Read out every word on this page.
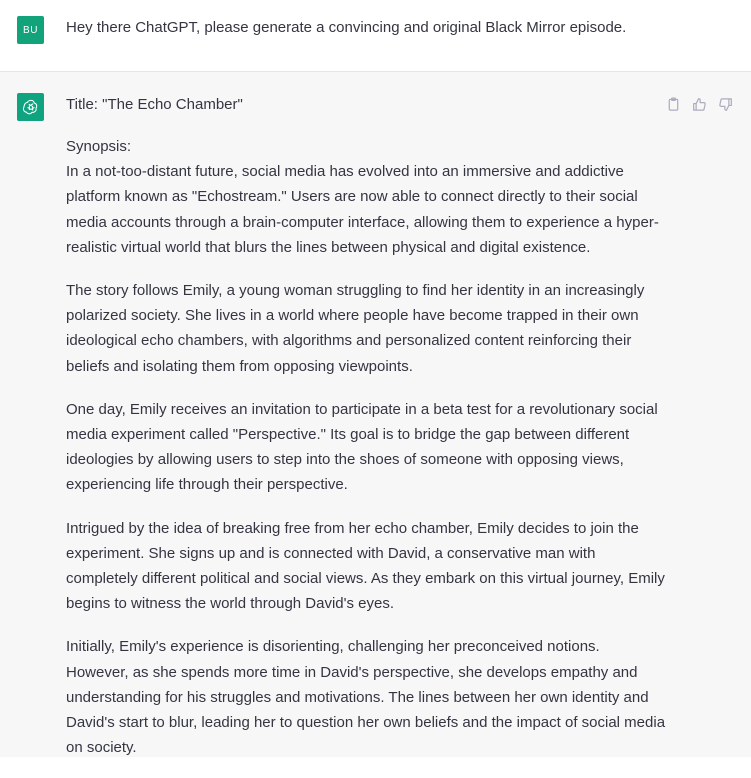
BU	Hey there ChatGPT, please generate a convincing and original Black Mirror episode.

Title: "The Echo Chamber"

Synopsis:

In a not-too-distant future, social media has evolved into an immersive and addictive platform known as "Echostream." Users are now able to connect directly to their social media accounts through a brain-computer interface, allowing them to experience a hyper-realistic virtual world that blurs the lines between physical and digital existence.

The story follows Emily, a young woman struggling to find her identity in an increasingly polarized society. She lives in a world where people have become trapped in their own ideological echo chambers, with algorithms and personalized content reinforcing their beliefs and isolating them from opposing viewpoints.

One day, Emily receives an invitation to participate in a beta test for a revolutionary social media experiment called "Perspective." Its goal is to bridge the gap between different ideologies by allowing users to step into the shoes of someone with opposing views, experiencing life through their perspective.

Intrigued by the idea of breaking free from her echo chamber, Emily decides to join the experiment. She signs up and is connected with David, a conservative man with completely different political and social views. As they embark on this virtual journey, Emily begins to witness the world through David's eyes.

Initially, Emily's experience is disorienting, challenging her preconceived notions. However, as she spends more time in David's perspective, she develops empathy and understanding for his struggles and motivations. The lines between her own identity and David's start to blur, leading her to question her own beliefs and the impact of social media on society.
